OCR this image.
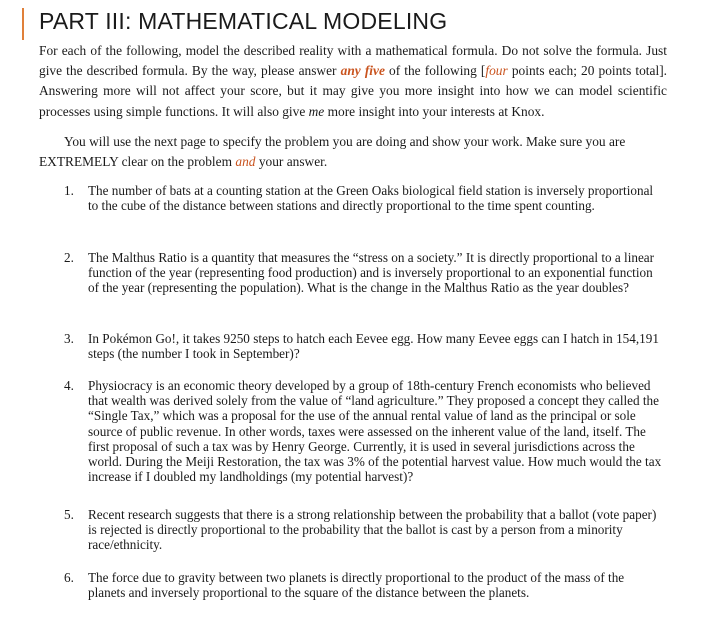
PART III: MATHEMATICAL MODELING

For each of the following, model the described reality with a mathematical formula. Do not solve the formula. Just give the described formula. By the way, please answer any five of the following [four points each; 20 points total]. Answering more will not affect your score, but it may give you more insight into how we can model scientific processes using simple functions. It will also give me more insight into your interests at Knox.

You will use the next page to specify the problem you are doing and show your work. Make sure you are EXTREMELY clear on the problem and your answer.

1.	The number of bats at a counting station at the Green Oaks biological field station is inversely proportional to the cube of the distance between stations and directly proportional to the time spent counting.
2.	The Malthus Ratio is a quantity that measures the “stress on a society.” It is directly proportional to a linear function of the year (representing food production) and is inversely proportional to an exponential function of the year (representing the population). What is the change in the Malthus Ratio as the year doubles?
3.	In Pokémon Go!, it takes 9250 steps to hatch each Eevee egg. How many Eevee eggs can I hatch in 154,191 steps (the number I took in September)?
4.	Physiocracy is an economic theory developed by a group of 18th-century French economists who believed that wealth was derived solely from the value of “land agriculture.” They proposed a concept they called the “Single Tax,” which was a proposal for the use of the annual rental value of land as the principal or sole source of public revenue. In other words, taxes were assessed on the inherent value of the land, itself. The first proposal of such a tax was by Henry George. Currently, it is used in several jurisdictions across the world. During the Meiji Restoration, the tax was 3% of the potential harvest value. How much would the tax increase if I doubled my landholdings (my potential harvest)?
5.	Recent research suggests that there is a strong relationship between the probability that a ballot (vote paper) is rejected is directly proportional to the probability that the ballot is cast by a person from a minority race/ethnicity.
6.	The force due to gravity between two planets is directly proportional to the product of the mass of the planets and inversely proportional to the square of the distance between the planets.
